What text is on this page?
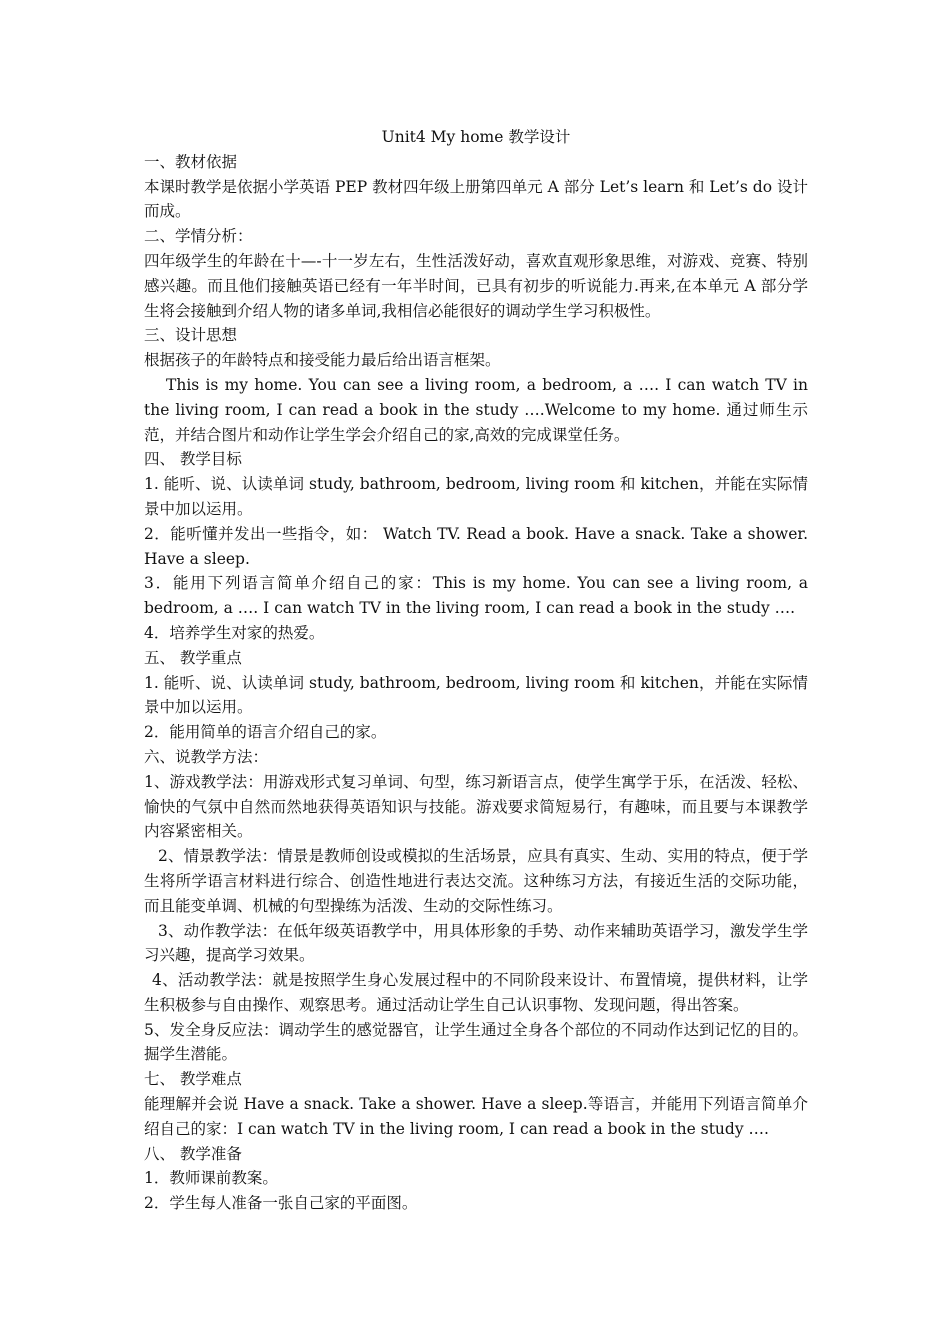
Unit4 My home 教学设计

一、教材依据

本课时教学是依据小学英语 PEP 教材四年级上册第四单元 A 部分 Let’s learn 和 Let’s do 设计而成。

二、学情分析：

四年级学生的年龄在十—-十一岁左右，生性活泼好动，喜欢直观形象思维，对游戏、竞赛、特别感兴趣。而且他们接触英语已经有一年半时间，已具有初步的听说能力.再来,在本单元 A 部分学生将会接触到介绍人物的诸多单词,我相信必能很好的调动学生学习积极性。

三、设计思想

根据孩子的年龄特点和接受能力最后给出语言框架。

This is my home. You can see a living room, a bedroom, a …. I can watch TV in the living room, I can read a book in the study ….Welcome to my home. 通过师生示范，并结合图片和动作让学生学会介绍自己的家,高效的完成课堂任务。

四、 教学目标

1. 能听、说、认读单词 study, bathroom, bedroom, living room 和 kitchen，并能在实际情景中加以运用。

2．能听懂并发出一些指令，如： Watch TV. Read a book. Have a snack. Take a shower. Have a sleep.

3．能用下列语言简单介绍自己的家：This is my home. You can see a living room, a bedroom, a …. I can watch TV in the living room, I can read a book in the study ….

4．培养学生对家的热爱。

五、 教学重点

1. 能听、说、认读单词 study, bathroom, bedroom, living room 和 kitchen，并能在实际情景中加以运用。

2．能用简单的语言介绍自己的家。

六、说教学方法：

1、游戏教学法：用游戏形式复习单词、句型，练习新语言点，使学生寓学于乐，在活泼、轻松、愉快的气氛中自然而然地获得英语知识与技能。游戏要求简短易行，有趣味，而且要与本课教学内容紧密相关。

2、情景教学法：情景是教师创设或模拟的生活场景，应具有真实、生动、实用的特点，便于学生将所学语言材料进行综合、创造性地进行表达交流。这种练习方法，有接近生活的交际功能，而且能变单调、机械的句型操练为活泼、生动的交际性练习。

3、动作教学法：在低年级英语教学中，用具体形象的手势、动作来辅助英语学习，激发学生学习兴趣，提高学习效果。

4、活动教学法：就是按照学生身心发展过程中的不同阶段来设计、布置情境，提供材料，让学生积极参与自由操作、观察思考。通过活动让学生自己认识事物、发现问题，得出答案。

5、发全身反应法：调动学生的感觉器官，让学生通过全身各个部位的不同动作达到记忆的目的。掘学生潜能。

七、 教学难点

能理解并会说 Have a snack. Take a shower. Have a sleep.等语言，并能用下列语言简单介绍自己的家：I can watch TV in the living room, I can read a book in the study ….

八、 教学准备

1．教师课前教案。

2．学生每人准备一张自己家的平面图。
